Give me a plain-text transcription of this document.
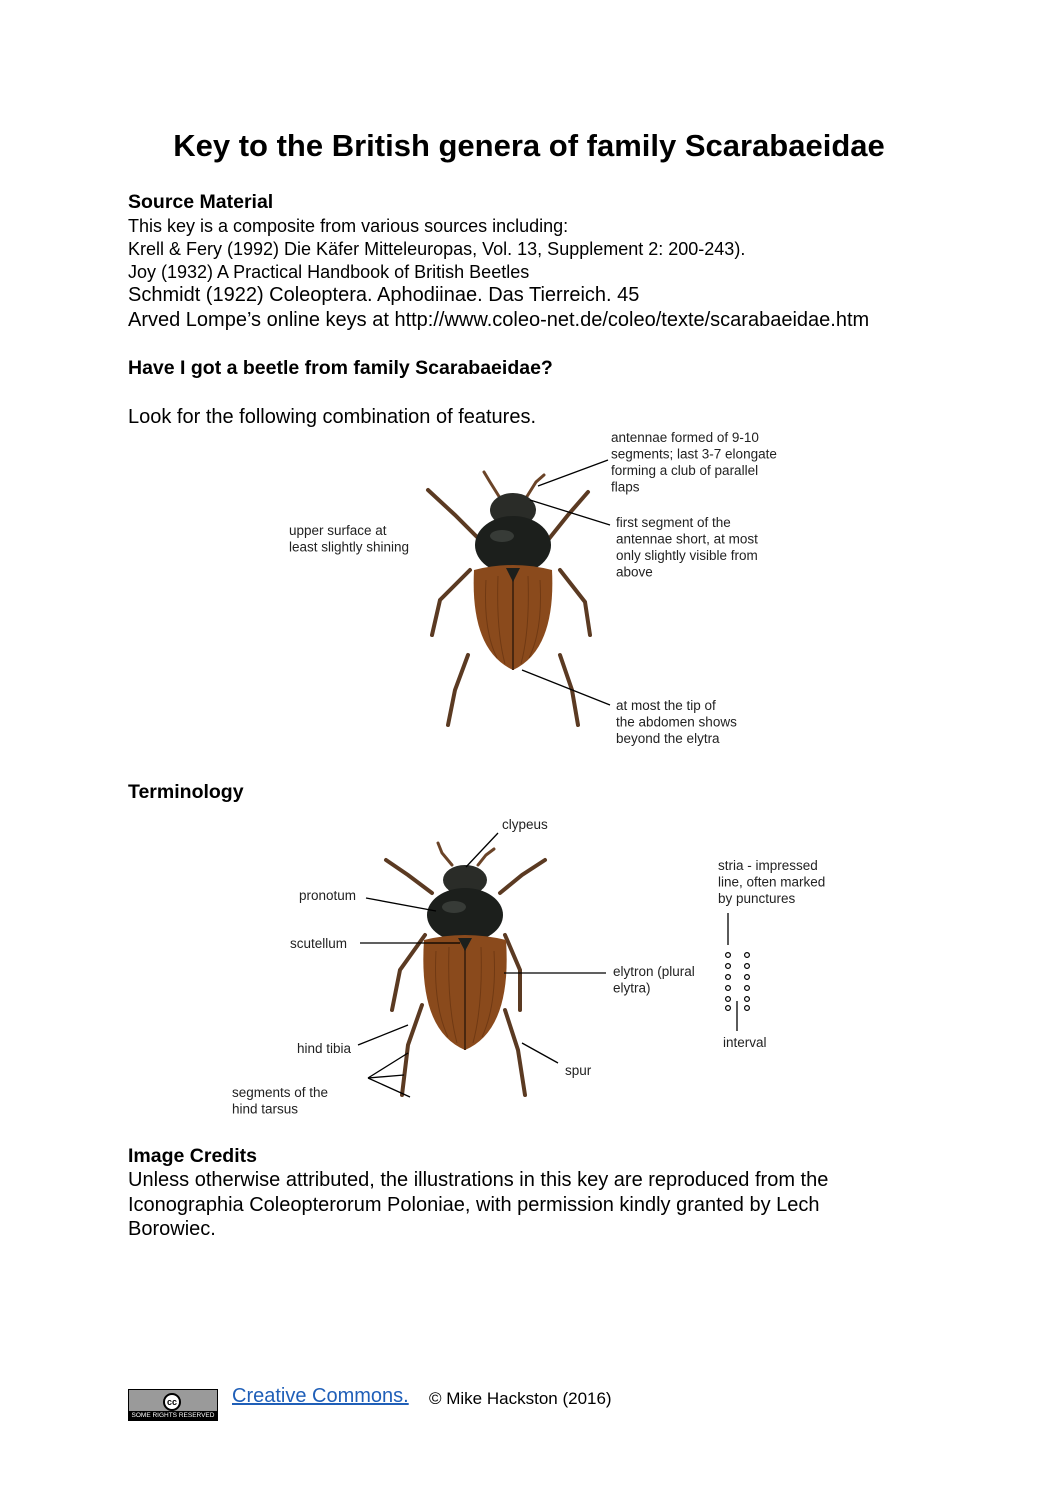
Key to the British genera of family Scarabaeidae
Source Material
This key is a composite from various sources including:
Krell & Fery (1992) Die Käfer Mitteleuropas, Vol. 13, Supplement 2: 200-243).
Joy (1932) A Practical Handbook of British Beetles
Schmidt (1922) Coleoptera. Aphodiinae. Das Tierreich. 45
Arved Lompe’s online keys at http://www.coleo-net.de/coleo/texte/scarabaeidae.htm
Have I got a beetle from family Scarabaeidae?
Look for the following combination of features.
antennae formed of 9-10 segments; last 3-7 elongate forming a club of parallel flaps
upper surface at least slightly shining
first segment of the antennae short, at most only slightly visible from above
at most the tip of the abdomen shows beyond the elytra
Terminology
clypeus
pronotum
scutellum
elytron (plural elytra)
hind tibia
segments of the hind tarsus
spur
stria - impressed line, often marked by punctures
interval
Image Credits
Unless otherwise attributed, the illustrations in this key are reproduced from the
Iconographia Coleopterorum Poloniae, with permission kindly granted by Lech
Borowiec.
cc
SOME RIGHTS RESERVED
Creative Commons. © Mike Hackston (2016)
